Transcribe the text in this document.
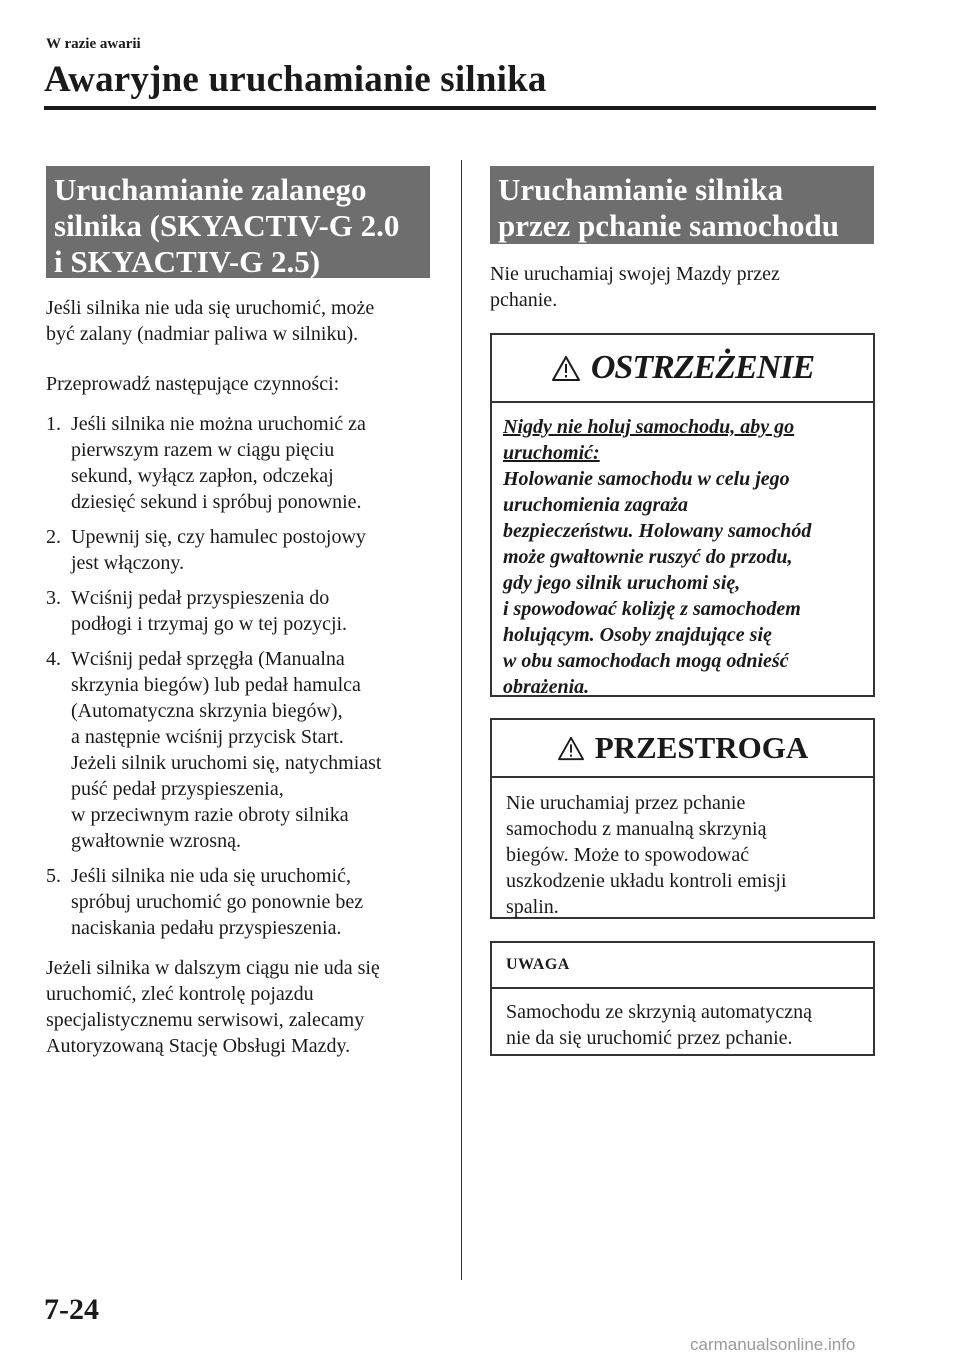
W razie awarii
Awaryjne uruchamianie silnika
Uruchamianie zalanego
silnika (SKYACTIV-G 2.0
i SKYACTIV-G 2.5)
Jeśli silnika nie uda się uruchomić, może
być zalany (nadmiar paliwa w silniku).
Przeprowadź następujące czynności:
1. Jeśli silnika nie można uruchomić za
pierwszym razem w ciągu pięciu
sekund, wyłącz zapłon, odczekaj
dziesięć sekund i spróbuj ponownie.
2. Upewnij się, czy hamulec postojowy
jest włączony.
3. Wciśnij pedał przyspieszenia do
podłogi i trzymaj go w tej pozycji.
4. Wciśnij pedał sprzęgła (Manualna
skrzynia biegów) lub pedał hamulca
(Automatyczna skrzynia biegów),
a następnie wciśnij przycisk Start.
Jeżeli silnik uruchomi się, natychmiast
puść pedał przyspieszenia,
w przeciwnym razie obroty silnika
gwałtownie wzrosną.
5. Jeśli silnika nie uda się uruchomić,
spróbuj uruchomić go ponownie bez
naciskania pedału przyspieszenia.
Jeżeli silnika w dalszym ciągu nie uda się
uruchomić, zleć kontrolę pojazdu
specjalistycznemu serwisowi, zalecamy
Autoryzowaną Stację Obsługi Mazdy.
Uruchamianie silnika
przez pchanie samochodu
Nie uruchamiaj swojej Mazdy przez
pchanie.
OSTRZEŻENIE
Nigdy nie holuj samochodu, aby go
uruchomić:
Holowanie samochodu w celu jego
uruchomienia zagraża
bezpieczeństwu. Holowany samochód
może gwałtownie ruszyć do przodu,
gdy jego silnik uruchomi się,
i spowodować kolizję z samochodem
holującym. Osoby znajdujące się
w obu samochodach mogą odnieść
obrażenia.
PRZESTROGA
Nie uruchamiaj przez pchanie
samochodu z manualną skrzynią
biegów. Może to spowodować
uszkodzenie układu kontroli emisji
spalin.
UWAGA
Samochodu ze skrzynią automatyczną
nie da się uruchomić przez pchanie.
7-24
carmanualsonline.info
